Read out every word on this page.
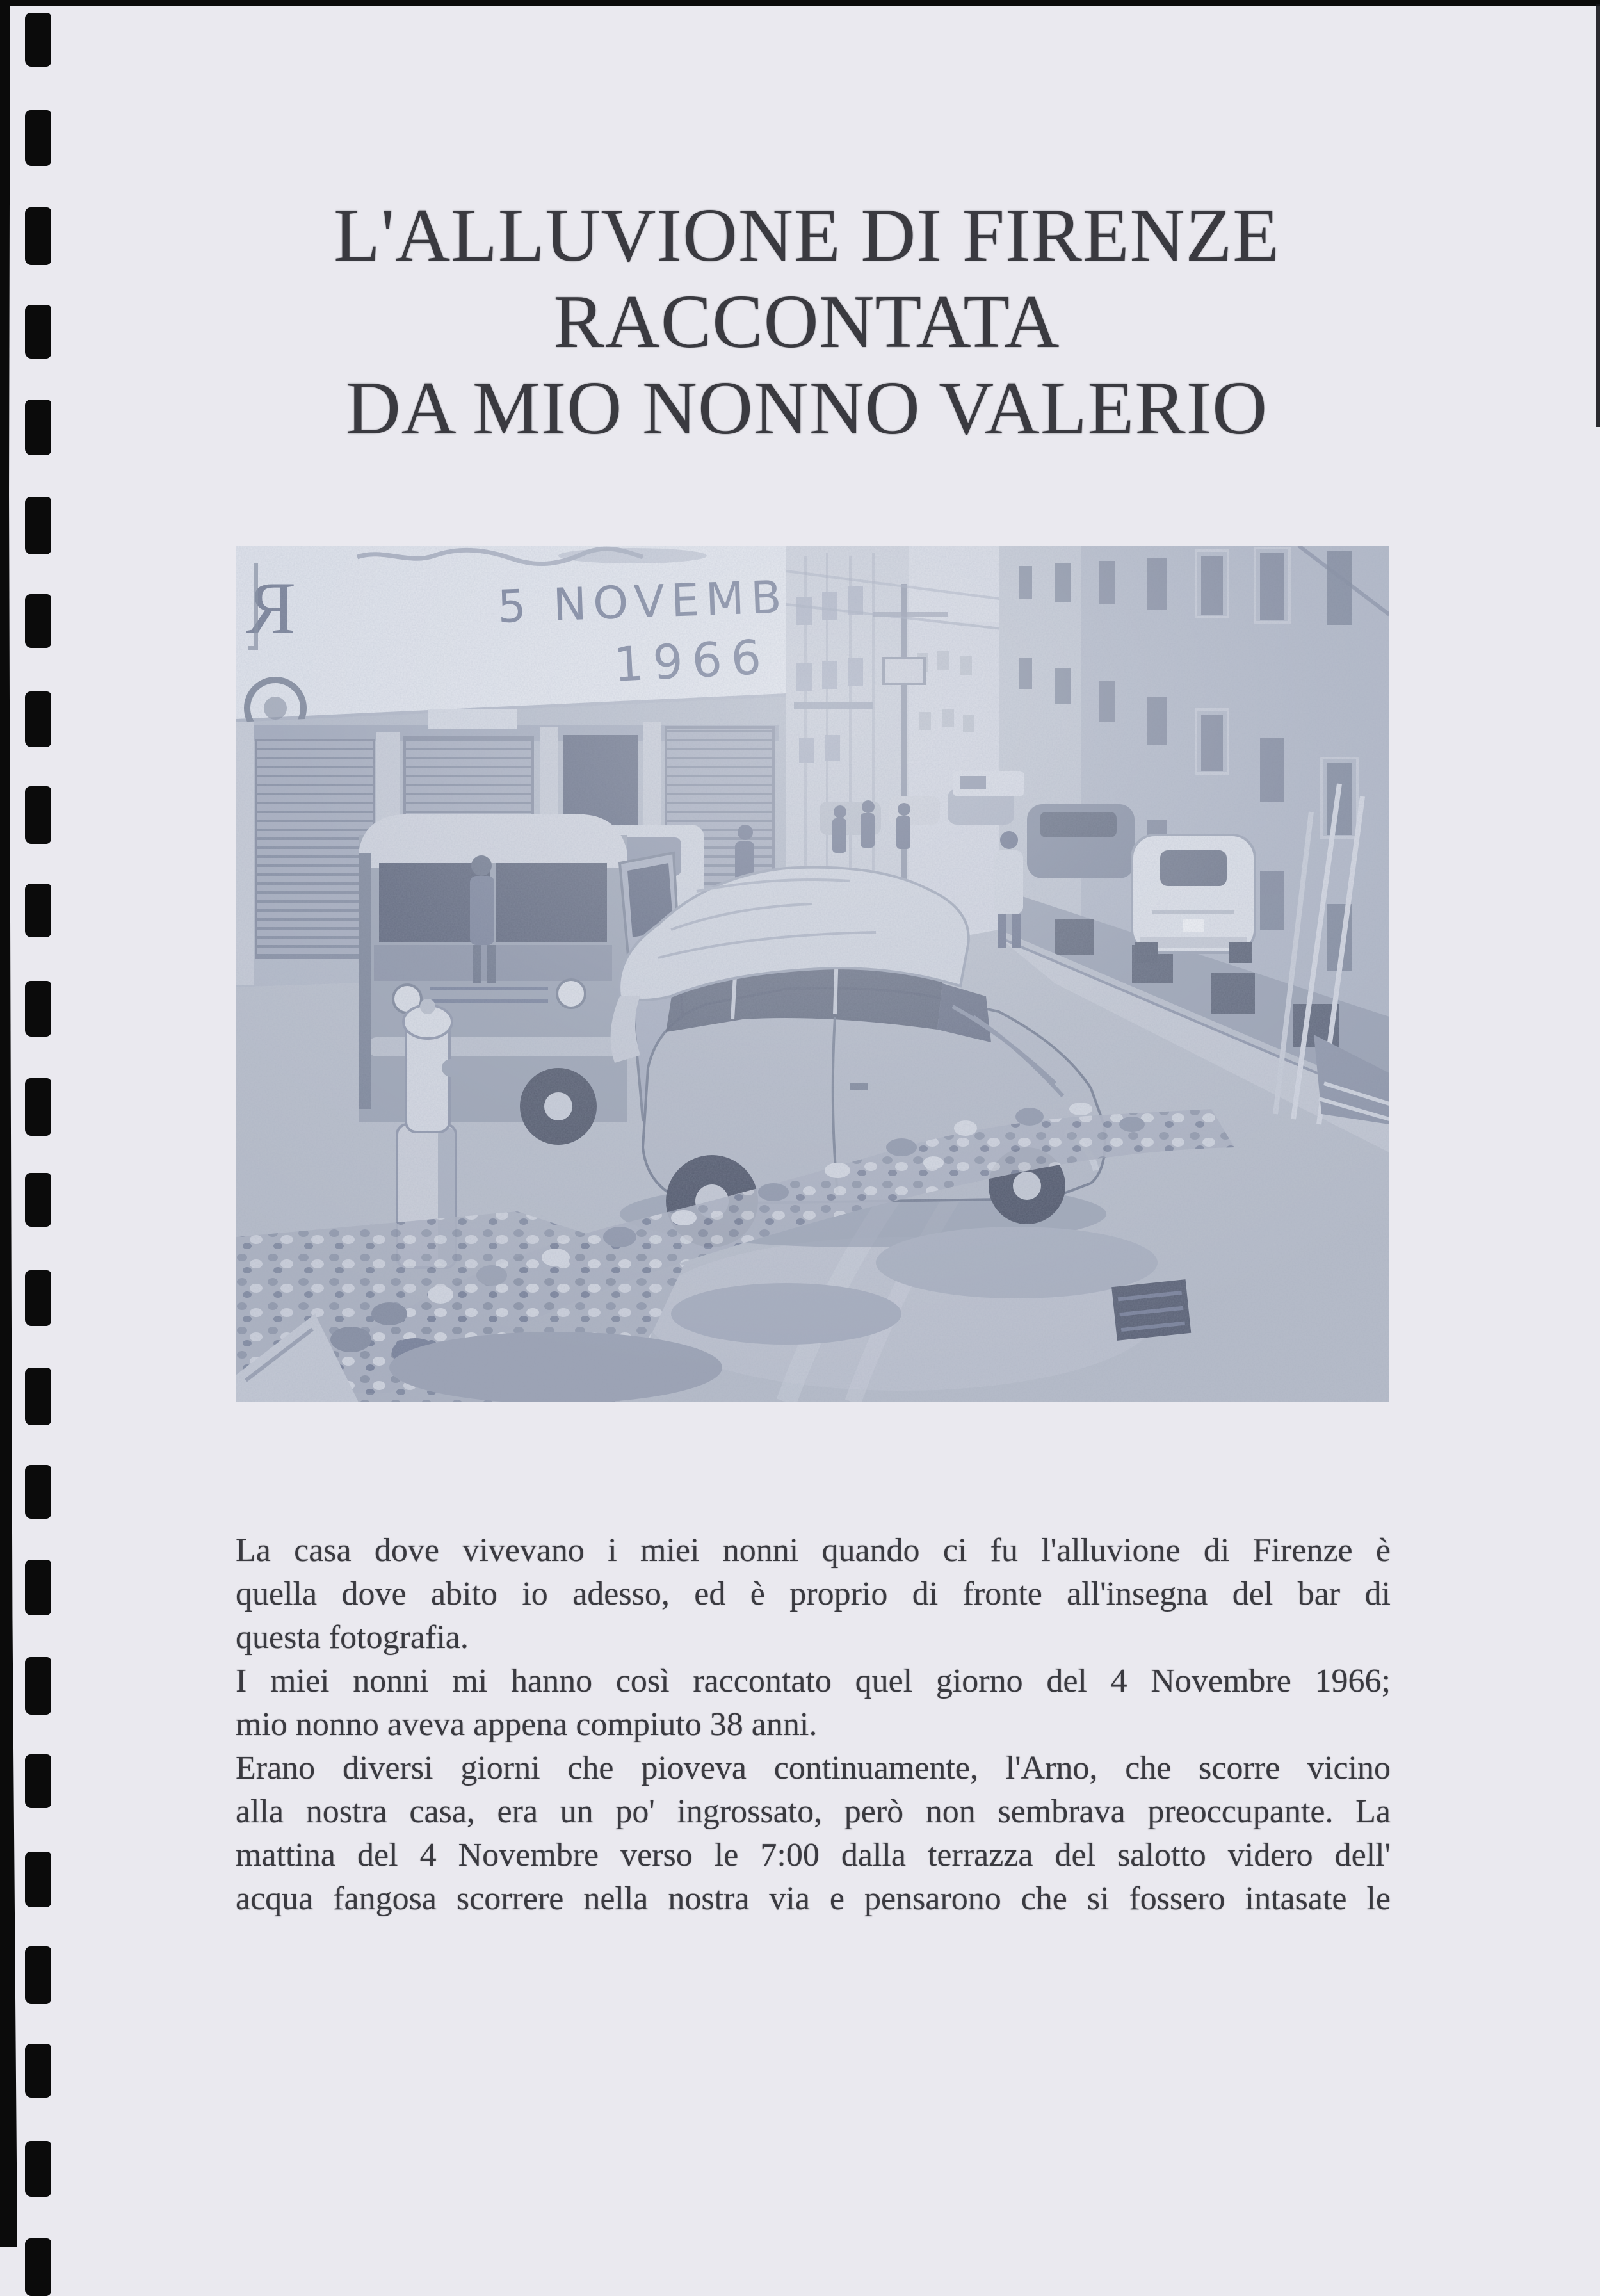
L'ALLUVIONE DI FIRENZE
RACCONTATA
DA MIO NONNO VALERIO
La casa dove vivevano i miei nonni quando ci fu l'alluvione di Firenze è
quella dove abito io adesso, ed è proprio di fronte all'insegna del bar di
questa fotografia.
I miei nonni mi hanno così raccontato quel giorno del 4 Novembre 1966;
mio nonno aveva appena compiuto 38 anni.
Erano diversi giorni che pioveva continuamente, l'Arno, che scorre vicino
alla nostra casa, era un po' ingrossato, però non sembrava preoccupante. La
mattina del 4 Novembre verso le 7:00 dalla terrazza del salotto videro dell'
acqua fangosa scorrere nella nostra via e pensarono che si fossero intasate le
